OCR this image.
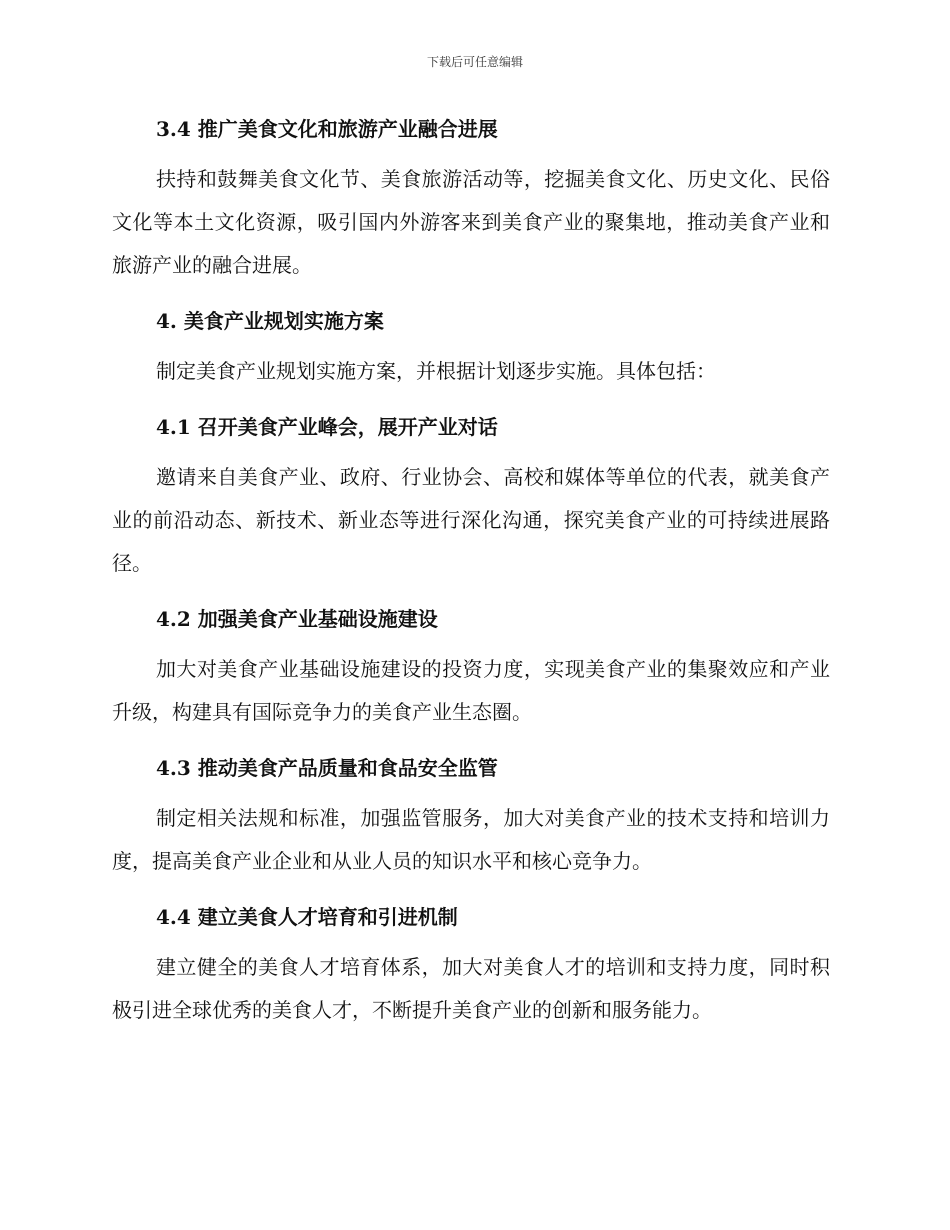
下载后可任意编辑
3.4 推广美食文化和旅游产业融合进展

扶持和鼓舞美食文化节、美食旅游活动等，挖掘美食文化、历史文化、民俗文化等本土文化资源，吸引国内外游客来到美食产业的聚集地，推动美食产业和旅游产业的融合进展。

4. 美食产业规划实施方案

制定美食产业规划实施方案，并根据计划逐步实施。具体包括：

4.1 召开美食产业峰会，展开产业对话

邀请来自美食产业、政府、行业协会、高校和媒体等单位的代表，就美食产业的前沿动态、新技术、新业态等进行深化沟通，探究美食产业的可持续进展路径。

4.2 加强美食产业基础设施建设

加大对美食产业基础设施建设的投资力度，实现美食产业的集聚效应和产业升级，构建具有国际竞争力的美食产业生态圈。

4.3 推动美食产品质量和食品安全监管

制定相关法规和标准，加强监管服务，加大对美食产业的技术支持和培训力度，提高美食产业企业和从业人员的知识水平和核心竞争力。

4.4 建立美食人才培育和引进机制

建立健全的美食人才培育体系，加大对美食人才的培训和支持力度，同时积极引进全球优秀的美食人才，不断提升美食产业的创新和服务能力。
